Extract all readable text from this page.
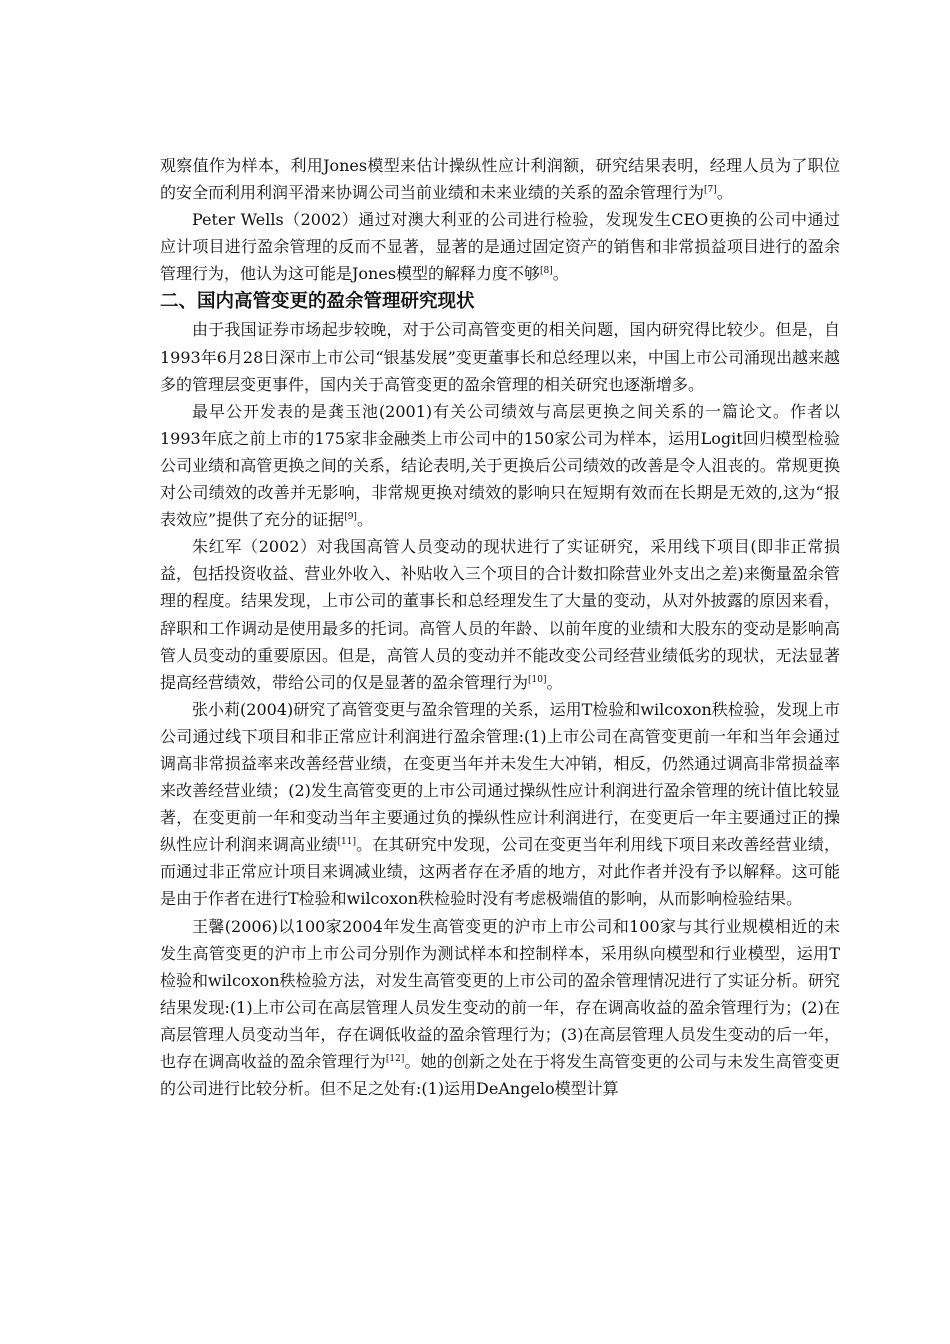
观察值作为样本，利用Jones模型来估计操纵性应计利润额，研究结果表明，经理人员为了职位的安全而利用利润平滑来协调公司当前业绩和未来业绩的关系的盈余管理行为[7]。

Peter Wells（2002）通过对澳大利亚的公司进行检验，发现发生CEO更换的公司中通过应计项目进行盈余管理的反而不显著，显著的是通过固定资产的销售和非常损益项目进行的盈余管理行为，他认为这可能是Jones模型的解释力度不够[8]。

二、国内高管变更的盈余管理研究现状

由于我国证券市场起步较晚，对于公司高管变更的相关问题，国内研究得比较少。但是，自1993年6月28日深市上市公司“银基发展”变更董事长和总经理以来，中国上市公司涌现出越来越多的管理层变更事件，国内关于高管变更的盈余管理的相关研究也逐渐增多。

最早公开发表的是龚玉池(2001)有关公司绩效与高层更换之间关系的一篇论文。作者以1993年底之前上市的175家非金融类上市公司中的150家公司为样本，运用Logit回归模型检验公司业绩和高管更换之间的关系，结论表明,关于更换后公司绩效的改善是令人沮丧的。常规更换对公司绩效的改善并无影响，非常规更换对绩效的影响只在短期有效而在长期是无效的,这为“报表效应”提供了充分的证据[9]。

朱红军（2002）对我国高管人员变动的现状进行了实证研究，采用线下项目(即非正常损益，包括投资收益、营业外收入、补贴收入三个项目的合计数扣除营业外支出之差)来衡量盈余管理的程度。结果发现，上市公司的董事长和总经理发生了大量的变动，从对外披露的原因来看，辞职和工作调动是使用最多的托词。高管人员的年龄、以前年度的业绩和大股东的变动是影响高管人员变动的重要原因。但是，高管人员的变动并不能改变公司经营业绩低劣的现状，无法显著提高经营绩效，带给公司的仅是显著的盈余管理行为[10]。

张小莉(2004)研究了高管变更与盈余管理的关系，运用T检验和wilcoxon秩检验，发现上市公司通过线下项目和非正常应计利润进行盈余管理:(1)上市公司在高管变更前一年和当年会通过调高非常损益率来改善经营业绩，在变更当年并未发生大冲销，相反，仍然通过调高非常损益率来改善经营业绩；(2)发生高管变更的上市公司通过操纵性应计利润进行盈余管理的统计值比较显著，在变更前一年和变动当年主要通过负的操纵性应计利润进行，在变更后一年主要通过正的操纵性应计利润来调高业绩[11]。在其研究中发现，公司在变更当年利用线下项目来改善经营业绩，而通过非正常应计项目来调减业绩，这两者存在矛盾的地方，对此作者并没有予以解释。这可能是由于作者在进行T检验和wilcoxon秩检验时没有考虑极端值的影响，从而影响检验结果。

王馨(2006)以100家2004年发生高管变更的沪市上市公司和100家与其行业规模相近的未发生高管变更的沪市上市公司分别作为测试样本和控制样本，采用纵向模型和行业模型，运用T检验和wilcoxon秩检验方法，对发生高管变更的上市公司的盈余管理情况进行了实证分析。研究结果发现:(1)上市公司在高层管理人员发生变动的前一年，存在调高收益的盈余管理行为；(2)在高层管理人员变动当年，存在调低收益的盈余管理行为；(3)在高层管理人员发生变动的后一年，也存在调高收益的盈余管理行为[12]。她的创新之处在于将发生高管变更的公司与未发生高管变更的公司进行比较分析。但不足之处有:(1)运用DeAngelo模型计算
